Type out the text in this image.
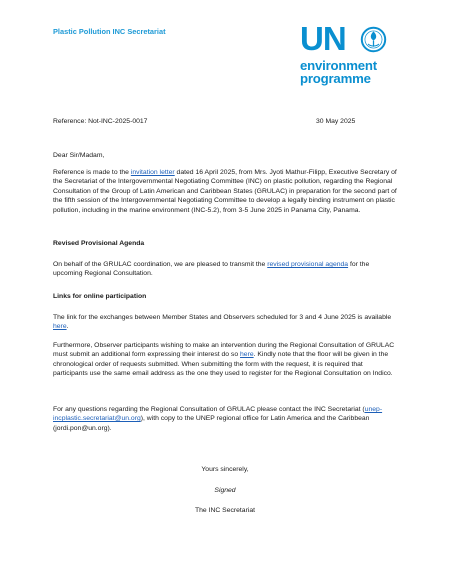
Plastic Pollution INC Secretariat	UN
environment
programme
Reference: Not-INC-2025-0017	30 May 2025
Dear Sir/Madam,
Reference is made to the invitation letter dated 16 April 2025, from Mrs. Jyoti Mathur-Filipp, Executive Secretary of the Secretariat of the Intergovernmental Negotiating Committee (INC) on plastic pollution, regarding the Regional Consultation of the Group of Latin American and Caribbean States (GRULAC) in preparation for the second part of the fifth session of the Intergovernmental Negotiating Committee to develop a legally binding instrument on plastic pollution, including in the marine environment (INC-5.2), from 3-5 June 2025 in Panama City, Panama.
Revised Provisional Agenda
On behalf of the GRULAC coordination, we are pleased to transmit the revised provisional agenda for the upcoming Regional Consultation.
Links for online participation
The link for the exchanges between Member States and Observers scheduled for 3 and 4 June 2025 is available here.
Furthermore, Observer participants wishing to make an intervention during the Regional Consultation of GRULAC must submit an additional form expressing their interest do so here. Kindly note that the floor will be given in the chronological order of requests submitted. When submitting the form with the request, it is required that participants use the same email address as the one they used to register for the Regional Consultation on Indico.
For any questions regarding the Regional Consultation of GRULAC please contact the INC Secretariat (unep-incplastic.secretariat@un.org), with copy to the UNEP regional office for Latin America and the Caribbean (jordi.pon@un.org).
Yours sincerely,
Signed
The INC Secretariat
